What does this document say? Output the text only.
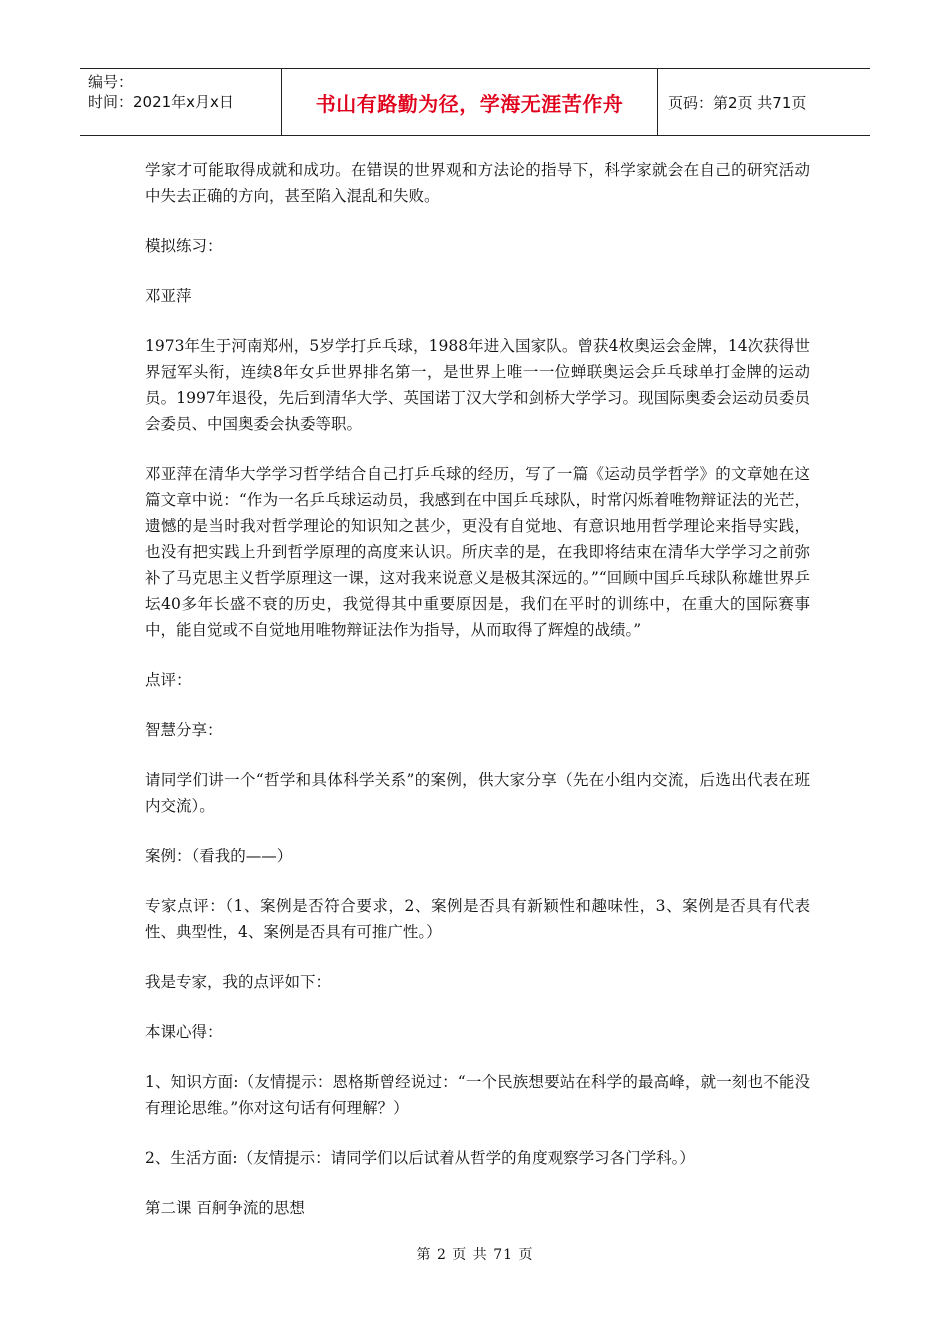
编号：
时间：2021年x月x日	书山有路勤为径，学海无涯苦作舟	页码：第2页 共71页

学家才可能取得成就和成功。在错误的世界观和方法论的指导下，科学家就会在自己的研究活动中失去正确的方向，甚至陷入混乱和失败。

模拟练习：

邓亚萍

1973年生于河南郑州，5岁学打乒乓球，1988年进入国家队。曾获4枚奥运会金牌，14次获得世界冠军头衔，连续8年女乒世界排名第一，是世界上唯一一位蝉联奥运会乒乓球单打金牌的运动员。1997年退役，先后到清华大学、英国诺丁汉大学和剑桥大学学习。现国际奥委会运动员委员会委员、中国奥委会执委等职。

邓亚萍在清华大学学习哲学结合自己打乒乓球的经历，写了一篇《运动员学哲学》的文章她在这篇文章中说：“作为一名乒乓球运动员，我感到在中国乒乓球队，时常闪烁着唯物辩证法的光芒，遗憾的是当时我对哲学理论的知识知之甚少，更没有自觉地、有意识地用哲学理论来指导实践，也没有把实践上升到哲学原理的高度来认识。所庆幸的是，在我即将结束在清华大学学习之前弥补了马克思主义哲学原理这一课，这对我来说意义是极其深远的。”“回顾中国乒乓球队称雄世界乒坛40多年长盛不衰的历史，我觉得其中重要原因是，我们在平时的训练中，在重大的国际赛事中，能自觉或不自觉地用唯物辩证法作为指导，从而取得了辉煌的战绩。”

点评：

智慧分享：

请同学们讲一个“哲学和具体科学关系”的案例，供大家分享（先在小组内交流，后选出代表在班内交流）。

案例：（看我的——）

专家点评：（1、案例是否符合要求，2、案例是否具有新颖性和趣味性，3、案例是否具有代表性、典型性，4、案例是否具有可推广性。）

我是专家，我的点评如下：

本课心得：

1、知识方面:（友情提示：恩格斯曾经说过：“一个民族想要站在科学的最高峰，就一刻也不能没有理论思维。”你对这句话有何理解？）

2、生活方面:（友情提示：请同学们以后试着从哲学的角度观察学习各门学科。）

第二课 百舸争流的思想

第 2 页 共 71 页
